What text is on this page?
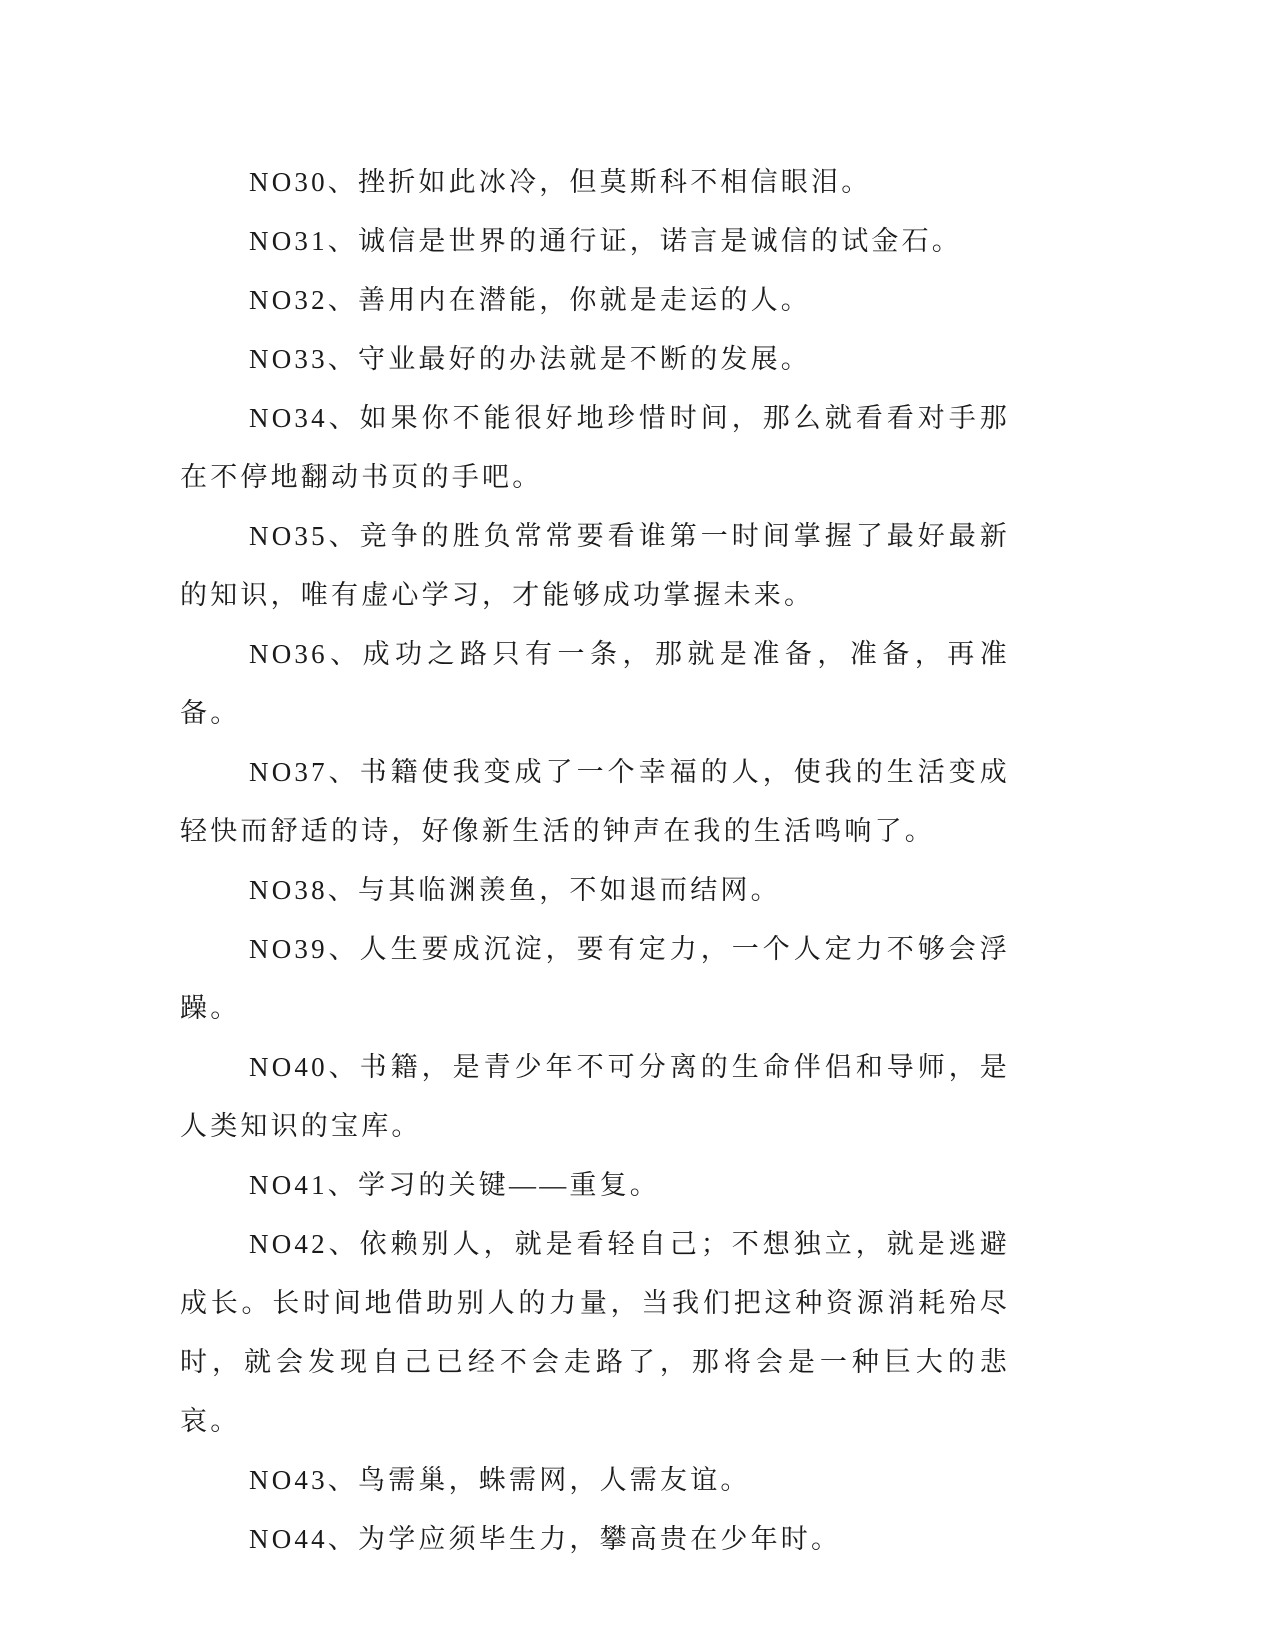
NO30、挫折如此冰冷，但莫斯科不相信眼泪。

NO31、诚信是世界的通行证，诺言是诚信的试金石。

NO32、善用内在潜能，你就是走运的人。

NO33、守业最好的办法就是不断的发展。

NO34、如果你不能很好地珍惜时间，那么就看看对手那在不停地翻动书页的手吧。

NO35、竞争的胜负常常要看谁第一时间掌握了最好最新的知识，唯有虚心学习，才能够成功掌握未来。

NO36、成功之路只有一条，那就是准备，准备，再准备。

NO37、书籍使我变成了一个幸福的人，使我的生活变成轻快而舒适的诗，好像新生活的钟声在我的生活鸣响了。

NO38、与其临渊羡鱼，不如退而结网。

NO39、人生要成沉淀，要有定力，一个人定力不够会浮躁。

NO40、书籍，是青少年不可分离的生命伴侣和导师，是人类知识的宝库。

NO41、学习的关键——重复。

NO42、依赖别人，就是看轻自己；不想独立，就是逃避成长。长时间地借助别人的力量，当我们把这种资源消耗殆尽时，就会发现自己已经不会走路了，那将会是一种巨大的悲哀。

NO43、鸟需巢，蛛需网，人需友谊。

NO44、为学应须毕生力，攀高贵在少年时。
